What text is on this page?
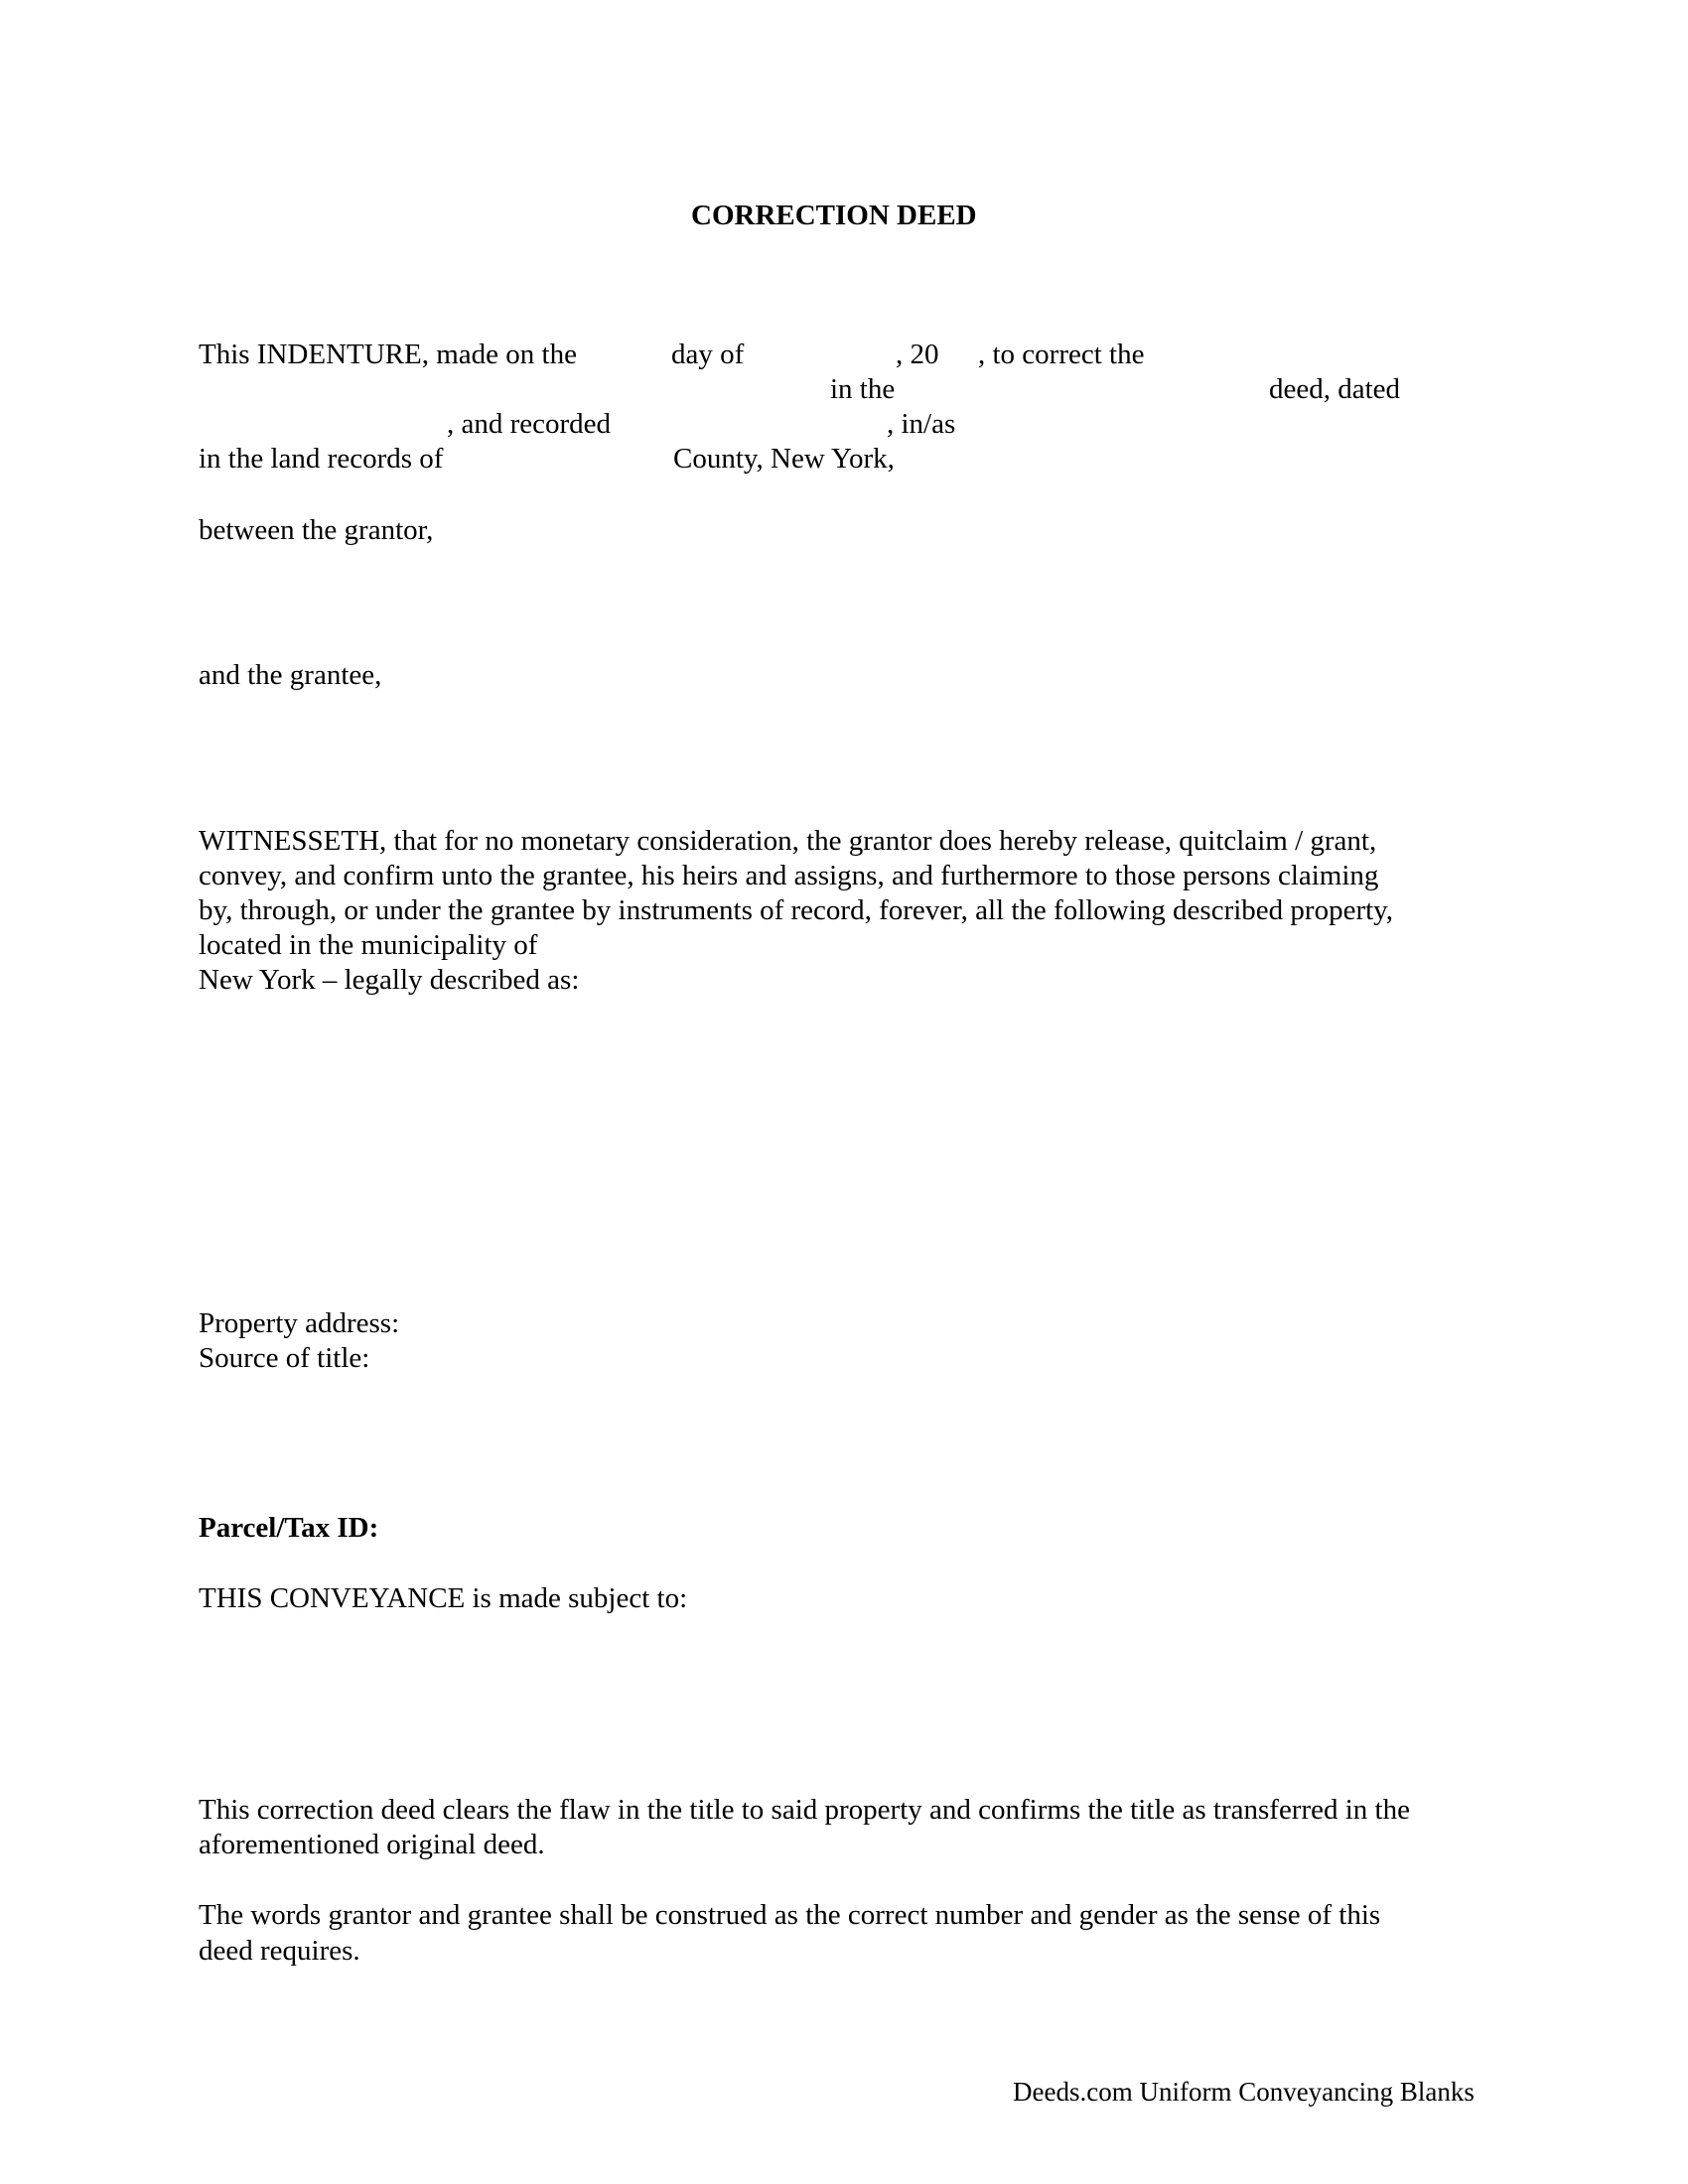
CORRECTION DEED
This INDENTURE, made on the	day of	, 20 , to correct the
in the	deed, dated
, and recorded	, in/as
in the land records of	County, New York,
between the grantor,
and the grantee,
WITNESSETH, that for no monetary consideration, the grantor does hereby release, quitclaim / grant,
convey, and confirm unto the grantee, his heirs and assigns, and furthermore to those persons claiming
by, through, or under the grantee by instruments of record, forever, all the following described property,
located in the municipality of
New York – legally described as:
Property address:
Source of title:
Parcel/Tax ID:
THIS CONVEYANCE is made subject to:
This correction deed clears the flaw in the title to said property and confirms the title as transferred in the
aforementioned original deed.
The words grantor and grantee shall be construed as the correct number and gender as the sense of this
deed requires.
Deeds.com Uniform Conveyancing Blanks
